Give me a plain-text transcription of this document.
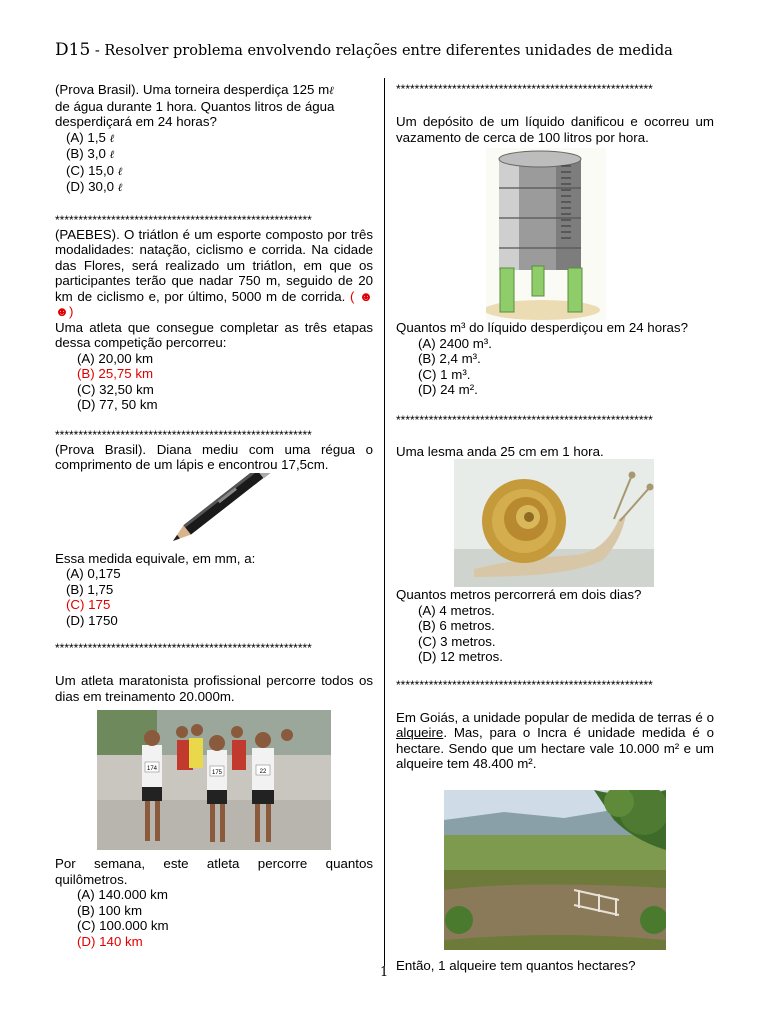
D15 - Resolver problema envolvendo relações entre diferentes unidades de medida
(Prova Brasil). Uma torneira desperdiça 125 mℓ
de água durante 1 hora. Quantos litros de água
desperdiçará em 24 horas?
(A) 1,5 ℓ
(B) 3,0 ℓ
(C) 15,0 ℓ
(D) 30,0 ℓ
*******************************************************
(PAEBES). O triátlon é um esporte composto por três modalidades: natação, ciclismo e corrida. Na cidade das Flores, será realizado um triátlon, em que os participantes terão que nadar 750 m, seguido de 20 km de ciclismo e, por último, 5000 m de corrida. ( ☻☻)
Uma atleta que consegue completar as três etapas dessa competição percorreu:
(A) 20,00 km
(B) 25,75 km
(C) 32,50 km
(D) 77, 50 km
*******************************************************
(Prova Brasil). Diana mediu com uma régua o comprimento de um lápis e encontrou 17,5cm.
Essa medida equivale, em mm, a:
(A) 0,175
(B) 1,75
(C) 175
(D) 1750
*******************************************************
Um atleta maratonista profissional percorre todos os dias em treinamento 20.000m.
174
175	22
Por semana, este atleta percorre quantos quilômetros.
(A) 140.000 km
(B) 100 km
(C) 100.000 km
(D) 140 km
*******************************************************
Um depósito de um líquido danificou e ocorreu um vazamento de cerca de 100 litros por hora.
Quantos m³ do líquido desperdiçou em 24 horas?
(A) 2400 m³.
(B) 2,4 m³.
(C) 1 m³.
(D) 24 m².
*******************************************************
Uma lesma anda 25 cm em 1 hora.
Quantos metros percorrerá em dois dias?
(A) 4 metros.
(B) 6 metros.
(C) 3 metros.
(D) 12 metros.
*******************************************************
Em Goiás, a unidade popular de medida de terras é o alqueire. Mas, para o Incra é unidade medida é o hectare. Sendo que um hectare vale 10.000 m² e um alqueire tem 48.400 m².
Então, 1 alqueire tem quantos hectares?
1
